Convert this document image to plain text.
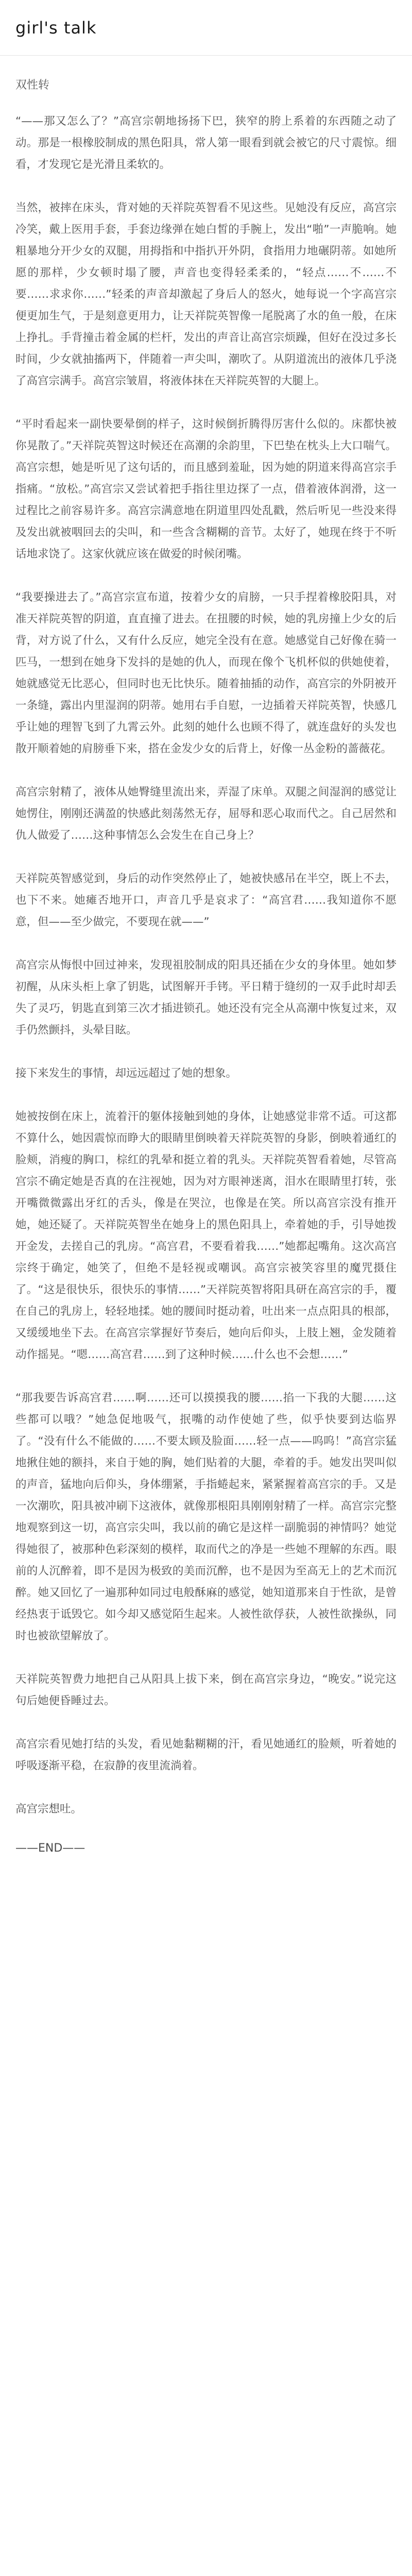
girl's talk
双性转

“——那又怎么了？”高宫宗朝地扬扬下巴，狭窄的胯上系着的东西随之动了动。那是一根橡胶制成的黑色阳具，常人第一眼看到就会被它的尺寸震惊。细看，才发现它是光滑且柔软的。

当然，被摔在床头，背对她的天祥院英智看不见这些。见她没有反应，高宫宗冷笑，戴上医用手套，手套边缘弹在她白皙的手腕上，发出“啪”一声脆响。她粗暴地分开少女的双腿，用拇指和中指扒开外阴，食指用力地碾阴蒂。如她所愿的那样，少女顿时塌了腰，声音也变得轻柔柔的，“轻点……不……不要……求求你……”轻柔的声音却激起了身后人的怒火，她每说一个字高宫宗便更加生气，于是刻意更用力，让天祥院英智像一尾脱离了水的鱼一般，在床上挣扎。手背撞击着金属的栏杆，发出的声音让高宫宗烦躁，但好在没过多长时间，少女就抽搐两下，伴随着一声尖叫，潮吹了。从阴道流出的液体几乎浇了高宫宗满手。高宫宗皱眉，将液体抹在天祥院英智的大腿上。

“平时看起来一副快要晕倒的样子，这时候倒折腾得厉害什么似的。床都快被你晃散了。”天祥院英智这时候还在高潮的余韵里，下巴垫在枕头上大口喘气。高宫宗想，她是听见了这句话的，而且感到羞耻，因为她的阴道来得高宫宗手指痛。“放松。”高宫宗又尝试着把手指往里边探了一点，借着液体润滑，这一过程比之前容易许多。高宫宗满意地在阴道里四处乱戳，然后听见一些没来得及发出就被咽回去的尖叫，和一些含含糊糊的音节。太好了，她现在终于不听话地求饶了。这家伙就应该在做爱的时候闭嘴。

“我要操进去了。”高宫宗宣布道，按着少女的肩膀，一只手捏着橡胶阳具，对准天祥院英智的阴道，直直撞了进去。在扭腰的时候，她的乳房撞上少女的后背，对方说了什么，又有什么反应，她完全没有在意。她感觉自己好像在骑一匹马，一想到在她身下发抖的是她的仇人，而现在像个飞机杯似的供她使着，她就感觉无比恶心，但同时也无比快乐。随着抽插的动作，高宫宗的外阴被开一条缝，露出内里湿润的阴蒂。她用右手自慰，一边插着天祥院英智，快感几乎让她的理智飞到了九霄云外。此刻的她什么也顾不得了，就连盘好的头发也散开顺着她的肩膀垂下来，搭在金发少女的后背上，好像一丛金粉的蔷薇花。

高宫宗射精了，液体从她臀缝里流出来，弄湿了床单。双腿之间湿润的感觉让她愣住，刚刚还满盈的快感此刻荡然无存，屈辱和恶心取而代之。自己居然和仇人做爱了……这种事情怎么会发生在自己身上？

天祥院英智感觉到，身后的动作突然停止了，她被快感吊在半空，既上不去，也下不来。她瘫否地开口，声音几乎是哀求了：“高宫君……我知道你不愿意，但——至少做完，不要现在就——”

高宫宗从悔恨中回过神来，发现祖胶制成的阳具还插在少女的身体里。她如梦初醒，从床头柜上拿了钥匙，试图解开手铐。平日精于缝纫的一双手此时却丢失了灵巧，钥匙直到第三次才插进锁孔。她还没有完全从高潮中恢复过来，双手仍然颤抖，头晕目眩。

接下来发生的事情，却远远超过了她的想象。

她被按倒在床上，流着汗的躯体接触到她的身体，让她感觉非常不适。可这都不算什么，她因震惊而睁大的眼睛里倒映着天祥院英智的身影，倒映着通红的脸颊，消瘦的胸口，棕红的乳晕和挺立着的乳头。天祥院英智看着她，尽管高宫宗不确定她是否真的在注视她，因为对方眼神迷离，泪水在眼睛里打转，张开嘴微微露出牙红的舌头，像是在哭泣，也像是在笑。所以高宫宗没有推开她，她还疑了。天祥院英智坐在她身上的黑色阳具上，牵着她的手，引导她拨开金发，去搓自己的乳房。“高宫君，不要看着我……”她都起嘴角。这次高宫宗终于确定，她笑了，但绝不是轻视或嘲讽。高宫宗被笑容里的魔咒摄住了。“这是很快乐，很快乐的事情……”天祥院英智将阳具研在高宫宗的手，覆在自己的乳房上，轻轻地揉。她的腰间时挺动着，吐出来一点点阳具的根部，又缓缓地坐下去。在高宫宗掌握好节奏后，她向后仰头，上肢上翘，金发随着动作摇晃。“嗯……高宫君……到了这种时候……什么也不会想……”

“那我要告诉高宫君……啊……还可以摸摸我的腰……掐一下我的大腿……这些都可以哦？”她急促地吸气，抿嘴的动作使她了些，似乎快要到达临界了。“没有什么不能做的……不要太顾及脸面……轻一点——呜呜！”高宫宗猛地揪住她的额抖，来自于她的胸，她们贴着的大腿，牵着的手。她发出哭叫似的声音，猛地向后仰头，身体绷紧，手指蜷起来，紧紧握着高宫宗的手。又是一次潮吹，阳具被冲刷下这液体，就像那根阳具刚刚射精了一样。高宫宗完整地观察到这一切，高宫宗尖叫，我以前的确它是这样一副脆弱的神情吗？她觉得她很了，被那种色彩深刻的模样，取而代之的净是一些她不理解的东西。眼前的人沉醉着，即不是因为极致的美而沉醉，也不是因为至高无上的艺术而沉醉。她又回忆了一遍那种如同过电般酥麻的感觉，她知道那来自于性欲，是曾经热衷于诋毁它。如今却又感觉陌生起来。人被性欲俘获，人被性欲操纵，同时也被欲望解放了。

天祥院英智费力地把自己从阳具上拔下来，倒在高宫宗身边，“晚安。”说完这句后她便昏睡过去。

高宫宗看见她打结的头发，看见她黏糊糊的汗，看见她通红的脸颊，听着她的呼吸逐渐平稳，在寂静的夜里流淌着。

高宫宗想吐。

——END——
